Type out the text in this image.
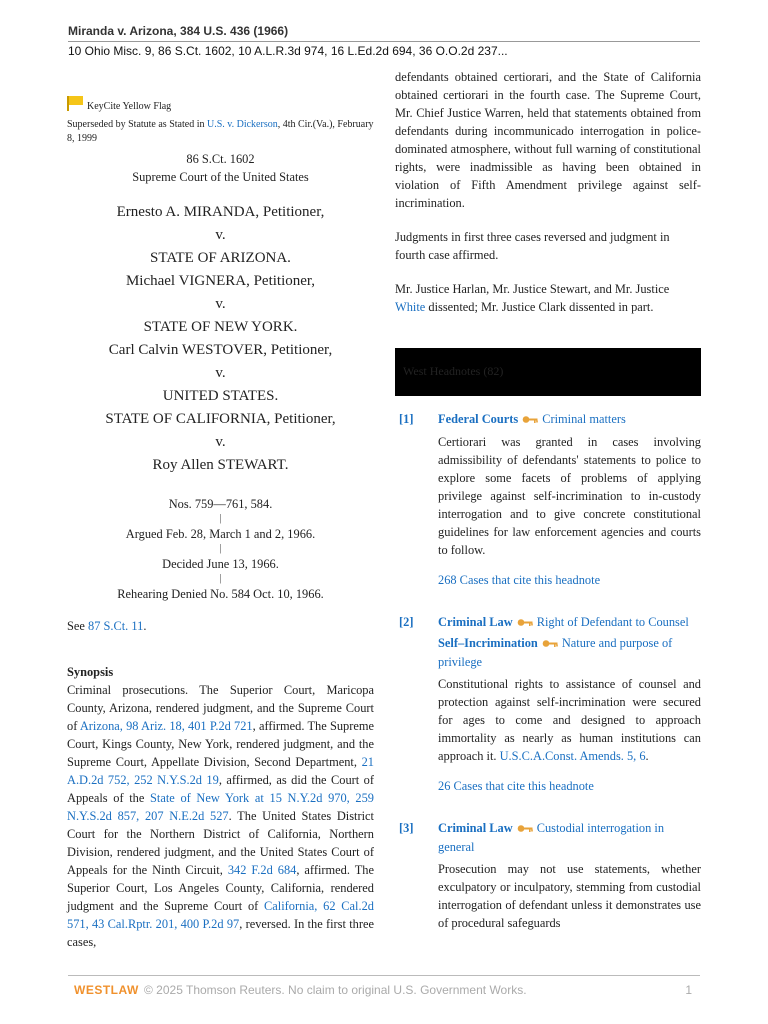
Miranda v. Arizona, 384 U.S. 436 (1966)
10 Ohio Misc. 9, 86 S.Ct. 1602, 10 A.L.R.3d 974, 16 L.Ed.2d 694, 36 O.O.2d 237...
KeyCite Yellow Flag
Superseded by Statute as Stated in U.S. v. Dickerson, 4th Cir.(Va.), February 8, 1999
86 S.Ct. 1602
Supreme Court of the United States
Ernesto A. MIRANDA, Petitioner,
v.
STATE OF ARIZONA.
Michael VIGNERA, Petitioner,
v.
STATE OF NEW YORK.
Carl Calvin WESTOVER, Petitioner,
v.
UNITED STATES.
STATE OF CALIFORNIA, Petitioner,
v.
Roy Allen STEWART.
Nos. 759—761, 584.
|
Argued Feb. 28, March 1 and 2, 1966.
|
Decided June 13, 1966.
|
Rehearing Denied No. 584 Oct. 10, 1966.
See 87 S.Ct. 11.
Synopsis
Criminal prosecutions. The Superior Court, Maricopa County, Arizona, rendered judgment, and the Supreme Court of Arizona, 98 Ariz. 18, 401 P.2d 721, affirmed. The Supreme Court, Kings County, New York, rendered judgment, and the Supreme Court, Appellate Division, Second Department, 21 A.D.2d 752, 252 N.Y.S.2d 19, affirmed, as did the Court of Appeals of the State of New York at 15 N.Y.2d 970, 259 N.Y.S.2d 857, 207 N.E.2d 527. The United States District Court for the Northern District of California, Northern Division, rendered judgment, and the United States Court of Appeals for the Ninth Circuit, 342 F.2d 684, affirmed. The Superior Court, Los Angeles County, California, rendered judgment and the Supreme Court of California, 62 Cal.2d 571, 43 Cal.Rptr. 201, 400 P.2d 97, reversed. In the first three cases,
defendants obtained certiorari, and the State of California obtained certiorari in the fourth case. The Supreme Court, Mr. Chief Justice Warren, held that statements obtained from defendants during incommunicado interrogation in police-dominated atmosphere, without full warning of constitutional rights, were inadmissible as having been obtained in violation of Fifth Amendment privilege against self-incrimination.
Judgments in first three cases reversed and judgment in fourth case affirmed.
Mr. Justice Harlan, Mr. Justice Stewart, and Mr. Justice White dissented; Mr. Justice Clark dissented in part.
West Headnotes (82)
[1] Federal Courts Criminal matters
Certiorari was granted in cases involving admissibility of defendants' statements to police to explore some facets of problems of applying privilege against self-incrimination to in-custody interrogation and to give concrete constitutional guidelines for law enforcement agencies and courts to follow.
268 Cases that cite this headnote
[2] Criminal Law Right of Defendant to Counsel
Self–Incrimination Nature and purpose of privilege
Constitutional rights to assistance of counsel and protection against self-incrimination were secured for ages to come and designed to approach immortality as nearly as human institutions can approach it. U.S.C.A.Const. Amends. 5, 6.
26 Cases that cite this headnote
[3] Criminal Law Custodial interrogation in general
Prosecution may not use statements, whether exculpatory or inculpatory, stemming from custodial interrogation of defendant unless it demonstrates use of procedural safeguards
WESTLAW © 2025 Thomson Reuters. No claim to original U.S. Government Works.	1
